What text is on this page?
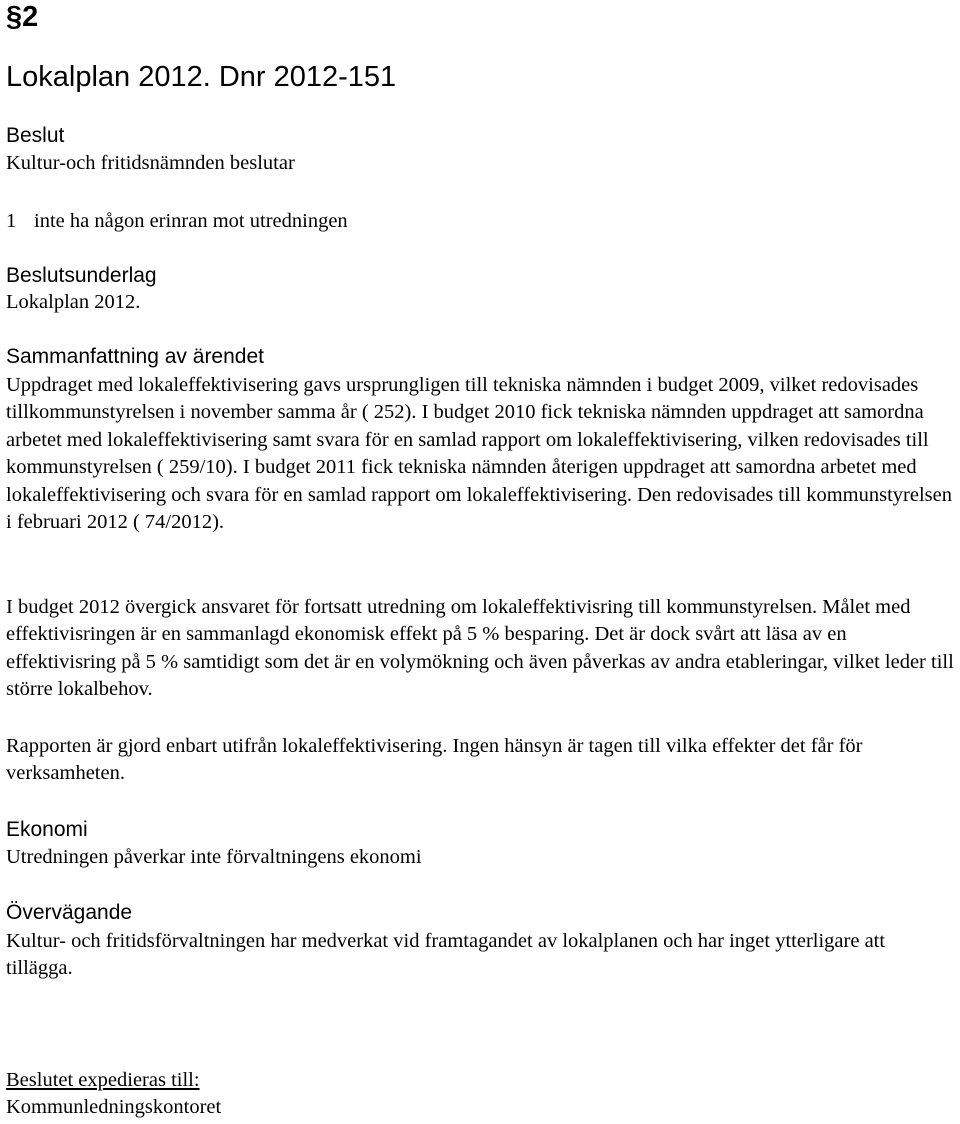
§2
Lokalplan 2012. Dnr 2012-151
Beslut
Kultur-och fritidsnämnden beslutar
1 inte ha någon erinran mot utredningen
Beslutsunderlag
Lokalplan 2012.
Sammanfattning av ärendet
Uppdraget med lokaleffektivisering gavs ursprungligen till tekniska nämnden i budget 2009, vilket redovisades tillkommunstyrelsen i november samma år ( 252). I budget 2010 fick tekniska nämnden uppdraget att samordna arbetet med lokaleffektivisering samt svara för en samlad rapport om lokaleffektivisering, vilken redovisades till kommunstyrelsen ( 259/10). I budget 2011 fick tekniska nämnden återigen uppdraget att samordna arbetet med lokaleffektivisering och svara för en samlad rapport om lokaleffektivisering. Den redovisades till kommunstyrelsen i februari 2012 ( 74/2012).
I budget 2012 övergick ansvaret för fortsatt utredning om lokaleffektivisring till kommunstyrelsen. Målet med effektivisringen är en sammanlagd ekonomisk effekt på 5 % besparing. Det är dock svårt att läsa av en effektivisring på 5 % samtidigt som det är en volymökning och även påverkas av andra etableringar, vilket leder till större lokalbehov.
Rapporten är gjord enbart utifrån lokaleffektivisering. Ingen hänsyn är tagen till vilka effekter det får för verksamheten.
Ekonomi
Utredningen påverkar inte förvaltningens ekonomi
Övervägande
Kultur- och fritidsförvaltningen har medverkat vid framtagandet av lokalplanen och har inget ytterligare att tillägga.
Beslutet expedieras till:
Kommunledningskontoret
